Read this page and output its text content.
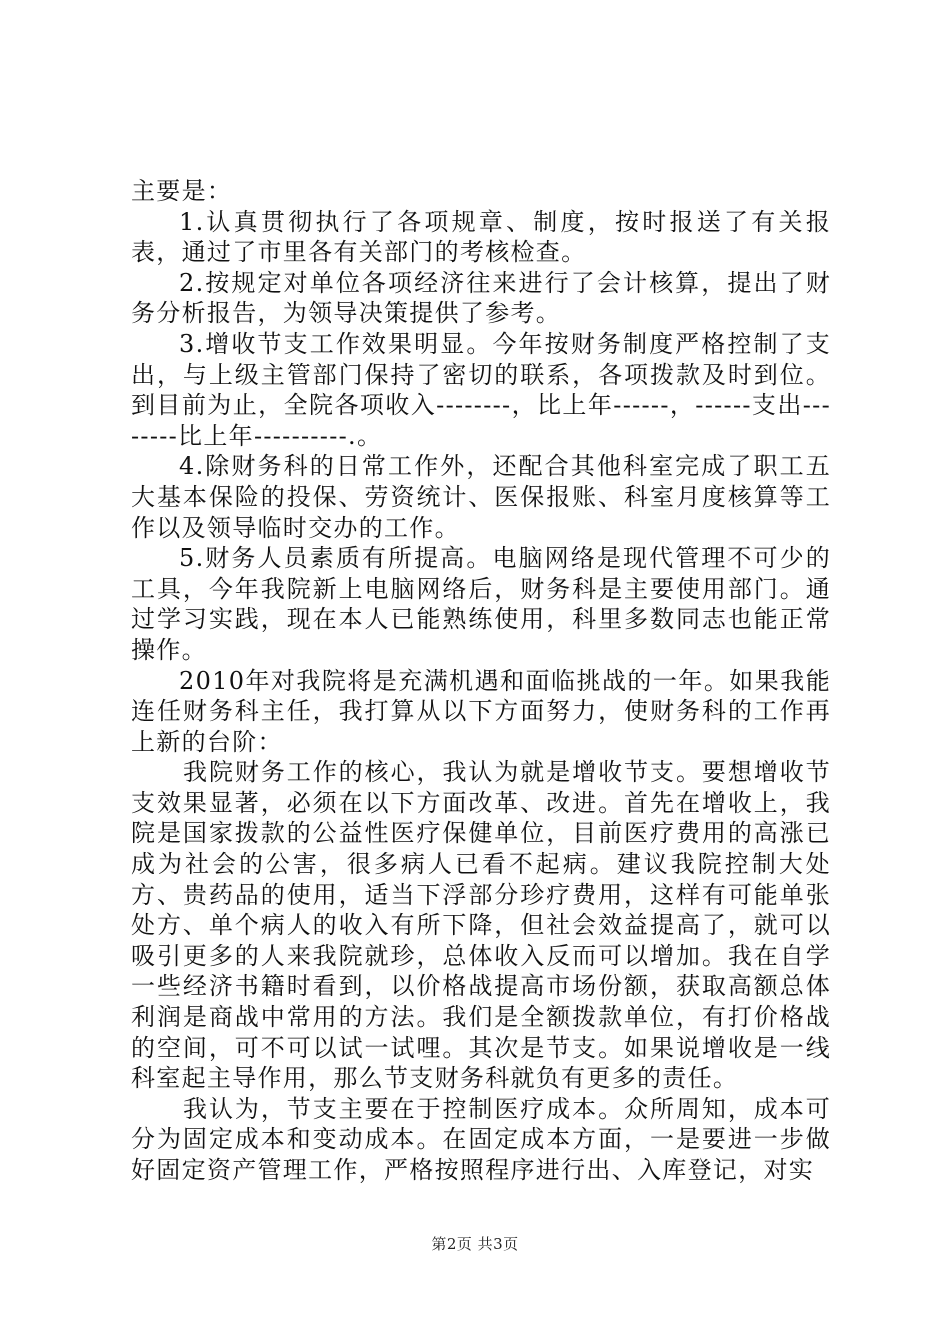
主要是：

1.认真贯彻执行了各项规章、制度，按时报送了有关报表，通过了市里各有关部门的考核检查。

2.按规定对单位各项经济往来进行了会计核算，提出了财务分析报告，为领导决策提供了参考。

3.增收节支工作效果明显。今年按财务制度严格控制了支出，与上级主管部门保持了密切的联系，各项拨款及时到位。到目前为止，全院各项收入--------，比上年------，------支出--------比上年----------.。

4.除财务科的日常工作外，还配合其他科室完成了职工五大基本保险的投保、劳资统计、医保报账、科室月度核算等工作以及领导临时交办的工作。

5.财务人员素质有所提高。电脑网络是现代管理不可少的工具，今年我院新上电脑网络后，财务科是主要使用部门。通过学习实践，现在本人已能熟练使用，科里多数同志也能正常操作。

2010年对我院将是充满机遇和面临挑战的一年。如果我能连任财务科主任，我打算从以下方面努力，使财务科的工作再上新的台阶：

我院财务工作的核心，我认为就是增收节支。要想增收节支效果显著，必须在以下方面改革、改进。首先在增收上，我院是国家拨款的公益性医疗保健单位，目前医疗费用的高涨已成为社会的公害，很多病人已看不起病。建议我院控制大处方、贵药品的使用，适当下浮部分珍疗费用，这样有可能单张处方、单个病人的收入有所下降，但社会效益提高了，就可以吸引更多的人来我院就珍，总体收入反而可以增加。我在自学一些经济书籍时看到，以价格战提高市场份额，获取高额总体利润是商战中常用的方法。我们是全额拨款单位，有打价格战的空间，可不可以试一试哩。其次是节支。如果说增收是一线科室起主导作用，那么节支财务科就负有更多的责任。

我认为，节支主要在于控制医疗成本。众所周知，成本可分为固定成本和变动成本。在固定成本方面，一是要进一步做好固定资产管理工作，严格按照程序进行出、入库登记，对实

第2页 共3页
